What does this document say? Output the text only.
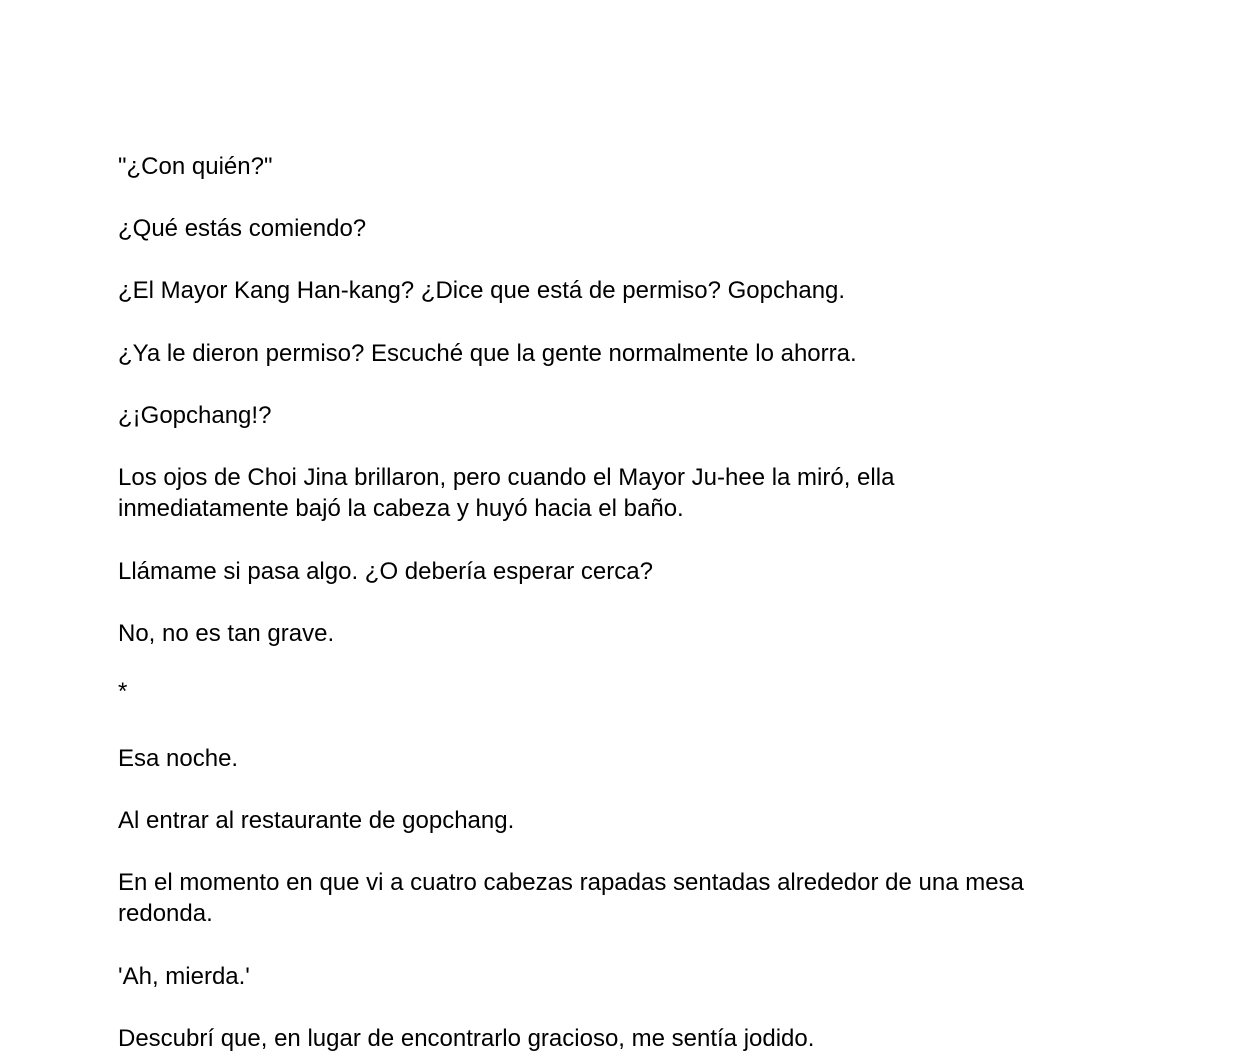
"¿Con quién?"

¿Qué estás comiendo?

¿El Mayor Kang Han-kang? ¿Dice que está de permiso? Gopchang.

¿Ya le dieron permiso? Escuché que la gente normalmente lo ahorra.

¿¡Gopchang!?

Los ojos de Choi Jina brillaron, pero cuando el Mayor Ju-hee la miró, ella inmediatamente bajó la cabeza y huyó hacia el baño.

Llámame si pasa algo. ¿O debería esperar cerca?

No, no es tan grave.

*

Esa noche.

Al entrar al restaurante de gopchang.

En el momento en que vi a cuatro cabezas rapadas sentadas alrededor de una mesa redonda.

'Ah, mierda.'

Descubrí que, en lugar de encontrarlo gracioso, me sentía jodido.
